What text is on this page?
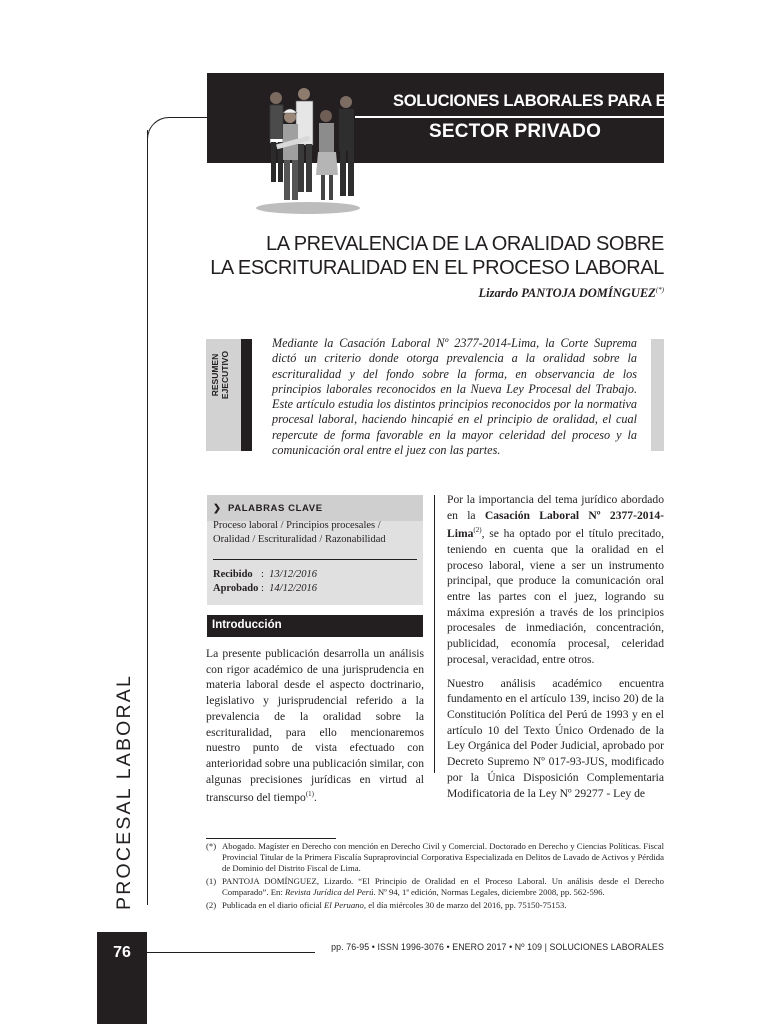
SOLUCIONES LABORALES PARA EL
SECTOR PRIVADO
PROCESAL LABORAL
LA PREVALENCIA DE LA ORALIDAD SOBRE
LA ESCRITURALIDAD EN EL PROCESO LABORAL
Lizardo PANTOJA DOMÍNGUEZ(*)
RESUMEN EJECUTIVO
Mediante la Casación Laboral Nº 2377-2014-Lima, la Corte Suprema dictó un criterio donde otorga prevalencia a la oralidad sobre la escrituralidad y del fondo sobre la forma, en observancia de los principios laborales reconocidos en la Nueva Ley Procesal del Trabajo. Este artículo estudia los distintos principios reconocidos por la normativa procesal laboral, haciendo hincapié en el principio de oralidad, el cual repercute de forma favorable en la mayor celeridad del proceso y la comunicación oral entre el juez con las partes.
❯ PALABRAS CLAVE
Proceso laboral / Principios procesales / Oralidad / Escrituralidad / Razonabilidad
Recibido : 13/12/2016
Aprobado : 14/12/2016
Introducción
La presente publicación desarrolla un análisis con rigor académico de una jurisprudencia en materia laboral desde el aspecto doctrinario, legislativo y jurisprudencial referido a la prevalencia de la oralidad sobre la escrituralidad, para ello mencionaremos nuestro punto de vista efectuado con anterioridad sobre una publicación similar, con algunas precisiones jurídicas en virtud al transcurso del tiempo$^{(1)}$.

Por la importancia del tema jurídico abordado en la Casación Laboral Nº 2377-2014-Lima$^{(2)}$, se ha optado por el título precitado, teniendo en cuenta que la oralidad en el proceso laboral, viene a ser un instrumento principal, que produce la comunicación oral entre las partes con el juez, logrando su máxima expresión a través de los principios procesales de inmediación, concentración, publicidad, economía procesal, celeridad procesal, veracidad, entre otros.

Nuestro análisis académico encuentra fundamento en el artículo 139, inciso 20) de la Constitución Política del Perú de 1993 y en el artículo 10 del Texto Único Ordenado de la Ley Orgánica del Poder Judicial, aprobado por Decreto Supremo Nº 017-93-JUS, modificado por la Única Disposición Complementaria Modificatoria de la Ley Nº 29277 - Ley de

(*) Abogado. Magíster en Derecho con mención en Derecho Civil y Comercial. Doctorado en Derecho y Ciencias Políticas. Fiscal Provincial Titular de la Primera Fiscalía Supraprovincial Corporativa Especializada en Delitos de Lavado de Activos y Pérdida de Dominio del Distrito Fiscal de Lima.
(1) PANTOJA DOMÍNGUEZ, Lizardo. “El Principio de Oralidad en el Proceso Laboral. Un análisis desde el Derecho Comparado”. En: Revista Jurídica del Perú. Nº 94, 1ª edición, Normas Legales, diciembre 2008, pp. 562-596.
(2) Publicada en el diario oficial El Peruano, el día miércoles 30 de marzo del 2016, pp. 75150-75153.
76	pp. 76-95 • ISSN 1996-3076 • ENERO 2017 • Nº 109 | SOLUCIONES LABORALES
